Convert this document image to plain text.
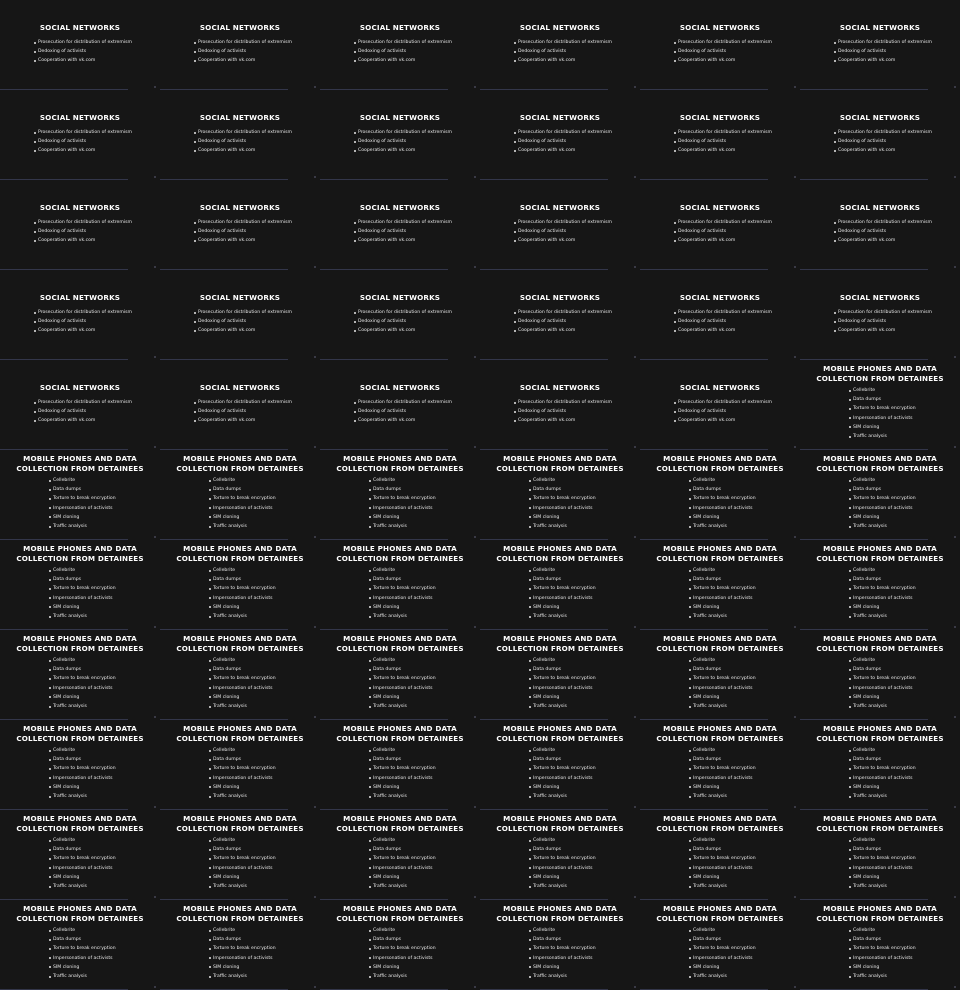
SOCIAL NETWORKS
Prosecution for distribution of extremism
Dedoxing of activists
Cooperation with vk.com
SOCIAL NETWORKS
Prosecution for distribution of extremism
Dedoxing of activists
Cooperation with vk.com
SOCIAL NETWORKS
Prosecution for distribution of extremism
Dedoxing of activists
Cooperation with vk.com
SOCIAL NETWORKS
Prosecution for distribution of extremism
Dedoxing of activists
Cooperation with vk.com
SOCIAL NETWORKS
Prosecution for distribution of extremism
Dedoxing of activists
Cooperation with vk.com
SOCIAL NETWORKS
Prosecution for distribution of extremism
Dedoxing of activists
Cooperation with vk.com
SOCIAL NETWORKS
Prosecution for distribution of extremism
Dedoxing of activists
Cooperation with vk.com
SOCIAL NETWORKS
Prosecution for distribution of extremism
Dedoxing of activists
Cooperation with vk.com
SOCIAL NETWORKS
Prosecution for distribution of extremism
Dedoxing of activists
Cooperation with vk.com
SOCIAL NETWORKS
Prosecution for distribution of extremism
Dedoxing of activists
Cooperation with vk.com
SOCIAL NETWORKS
Prosecution for distribution of extremism
Dedoxing of activists
Cooperation with vk.com
SOCIAL NETWORKS
Prosecution for distribution of extremism
Dedoxing of activists
Cooperation with vk.com
SOCIAL NETWORKS
Prosecution for distribution of extremism
Dedoxing of activists
Cooperation with vk.com
SOCIAL NETWORKS
Prosecution for distribution of extremism
Dedoxing of activists
Cooperation with vk.com
SOCIAL NETWORKS
Prosecution for distribution of extremism
Dedoxing of activists
Cooperation with vk.com
SOCIAL NETWORKS
Prosecution for distribution of extremism
Dedoxing of activists
Cooperation with vk.com
SOCIAL NETWORKS
Prosecution for distribution of extremism
Dedoxing of activists
Cooperation with vk.com
SOCIAL NETWORKS
Prosecution for distribution of extremism
Dedoxing of activists
Cooperation with vk.com
SOCIAL NETWORKS
Prosecution for distribution of extremism
Dedoxing of activists
Cooperation with vk.com
SOCIAL NETWORKS
Prosecution for distribution of extremism
Dedoxing of activists
Cooperation with vk.com
SOCIAL NETWORKS
Prosecution for distribution of extremism
Dedoxing of activists
Cooperation with vk.com
SOCIAL NETWORKS
Prosecution for distribution of extremism
Dedoxing of activists
Cooperation with vk.com
SOCIAL NETWORKS
Prosecution for distribution of extremism
Dedoxing of activists
Cooperation with vk.com
SOCIAL NETWORKS
Prosecution for distribution of extremism
Dedoxing of activists
Cooperation with vk.com
SOCIAL NETWORKS
Prosecution for distribution of extremism
Dedoxing of activists
Cooperation with vk.com
SOCIAL NETWORKS
Prosecution for distribution of extremism
Dedoxing of activists
Cooperation with vk.com
SOCIAL NETWORKS
Prosecution for distribution of extremism
Dedoxing of activists
Cooperation with vk.com
SOCIAL NETWORKS
Prosecution for distribution of extremism
Dedoxing of activists
Cooperation with vk.com
SOCIAL NETWORKS
Prosecution for distribution of extremism
Dedoxing of activists
Cooperation with vk.com
MOBILE PHONES AND DATA COLLECTION FROM DETAINEES
Cellebrite
Data dumps
Torture to break encryption
Impersonation of activists
SIM cloning
Traffic analysis
MOBILE PHONES AND DATA COLLECTION FROM DETAINEES
Cellebrite
Data dumps
Torture to break encryption
Impersonation of activists
SIM cloning
Traffic analysis
MOBILE PHONES AND DATA COLLECTION FROM DETAINEES
Cellebrite
Data dumps
Torture to break encryption
Impersonation of activists
SIM cloning
Traffic analysis
MOBILE PHONES AND DATA COLLECTION FROM DETAINEES
Cellebrite
Data dumps
Torture to break encryption
Impersonation of activists
SIM cloning
Traffic analysis
MOBILE PHONES AND DATA COLLECTION FROM DETAINEES
Cellebrite
Data dumps
Torture to break encryption
Impersonation of activists
SIM cloning
Traffic analysis
MOBILE PHONES AND DATA COLLECTION FROM DETAINEES
Cellebrite
Data dumps
Torture to break encryption
Impersonation of activists
SIM cloning
Traffic analysis
MOBILE PHONES AND DATA COLLECTION FROM DETAINEES
Cellebrite
Data dumps
Torture to break encryption
Impersonation of activists
SIM cloning
Traffic analysis
MOBILE PHONES AND DATA COLLECTION FROM DETAINEES
Cellebrite
Data dumps
Torture to break encryption
Impersonation of activists
SIM cloning
Traffic analysis
MOBILE PHONES AND DATA COLLECTION FROM DETAINEES
Cellebrite
Data dumps
Torture to break encryption
Impersonation of activists
SIM cloning
Traffic analysis
MOBILE PHONES AND DATA COLLECTION FROM DETAINEES
Cellebrite
Data dumps
Torture to break encryption
Impersonation of activists
SIM cloning
Traffic analysis
MOBILE PHONES AND DATA COLLECTION FROM DETAINEES
Cellebrite
Data dumps
Torture to break encryption
Impersonation of activists
SIM cloning
Traffic analysis
MOBILE PHONES AND DATA COLLECTION FROM DETAINEES
Cellebrite
Data dumps
Torture to break encryption
Impersonation of activists
SIM cloning
Traffic analysis
MOBILE PHONES AND DATA COLLECTION FROM DETAINEES
Cellebrite
Data dumps
Torture to break encryption
Impersonation of activists
SIM cloning
Traffic analysis
MOBILE PHONES AND DATA COLLECTION FROM DETAINEES
Cellebrite
Data dumps
Torture to break encryption
Impersonation of activists
SIM cloning
Traffic analysis
MOBILE PHONES AND DATA COLLECTION FROM DETAINEES
Cellebrite
Data dumps
Torture to break encryption
Impersonation of activists
SIM cloning
Traffic analysis
MOBILE PHONES AND DATA COLLECTION FROM DETAINEES
Cellebrite
Data dumps
Torture to break encryption
Impersonation of activists
SIM cloning
Traffic analysis
MOBILE PHONES AND DATA COLLECTION FROM DETAINEES
Cellebrite
Data dumps
Torture to break encryption
Impersonation of activists
SIM cloning
Traffic analysis
MOBILE PHONES AND DATA COLLECTION FROM DETAINEES
Cellebrite
Data dumps
Torture to break encryption
Impersonation of activists
SIM cloning
Traffic analysis
MOBILE PHONES AND DATA COLLECTION FROM DETAINEES
Cellebrite
Data dumps
Torture to break encryption
Impersonation of activists
SIM cloning
Traffic analysis
MOBILE PHONES AND DATA COLLECTION FROM DETAINEES
Cellebrite
Data dumps
Torture to break encryption
Impersonation of activists
SIM cloning
Traffic analysis
MOBILE PHONES AND DATA COLLECTION FROM DETAINEES
Cellebrite
Data dumps
Torture to break encryption
Impersonation of activists
SIM cloning
Traffic analysis
MOBILE PHONES AND DATA COLLECTION FROM DETAINEES
Cellebrite
Data dumps
Torture to break encryption
Impersonation of activists
SIM cloning
Traffic analysis
MOBILE PHONES AND DATA COLLECTION FROM DETAINEES
Cellebrite
Data dumps
Torture to break encryption
Impersonation of activists
SIM cloning
Traffic analysis
MOBILE PHONES AND DATA COLLECTION FROM DETAINEES
Cellebrite
Data dumps
Torture to break encryption
Impersonation of activists
SIM cloning
Traffic analysis
MOBILE PHONES AND DATA COLLECTION FROM DETAINEES
Cellebrite
Data dumps
Torture to break encryption
Impersonation of activists
SIM cloning
Traffic analysis
MOBILE PHONES AND DATA COLLECTION FROM DETAINEES
Cellebrite
Data dumps
Torture to break encryption
Impersonation of activists
SIM cloning
Traffic analysis
MOBILE PHONES AND DATA COLLECTION FROM DETAINEES
Cellebrite
Data dumps
Torture to break encryption
Impersonation of activists
SIM cloning
Traffic analysis
MOBILE PHONES AND DATA COLLECTION FROM DETAINEES
Cellebrite
Data dumps
Torture to break encryption
Impersonation of activists
SIM cloning
Traffic analysis
MOBILE PHONES AND DATA COLLECTION FROM DETAINEES
Cellebrite
Data dumps
Torture to break encryption
Impersonation of activists
SIM cloning
Traffic analysis
MOBILE PHONES AND DATA COLLECTION FROM DETAINEES
Cellebrite
Data dumps
Torture to break encryption
Impersonation of activists
SIM cloning
Traffic analysis
MOBILE PHONES AND DATA COLLECTION FROM DETAINEES
Cellebrite
Data dumps
Torture to break encryption
Impersonation of activists
SIM cloning
Traffic analysis
MOBILE PHONES AND DATA COLLECTION FROM DETAINEES
Cellebrite
Data dumps
Torture to break encryption
Impersonation of activists
SIM cloning
Traffic analysis
MOBILE PHONES AND DATA COLLECTION FROM DETAINEES
Cellebrite
Data dumps
Torture to break encryption
Impersonation of activists
SIM cloning
Traffic analysis
MOBILE PHONES AND DATA COLLECTION FROM DETAINEES
Cellebrite
Data dumps
Torture to break encryption
Impersonation of activists
SIM cloning
Traffic analysis
MOBILE PHONES AND DATA COLLECTION FROM DETAINEES
Cellebrite
Data dumps
Torture to break encryption
Impersonation of activists
SIM cloning
Traffic analysis
MOBILE PHONES AND DATA COLLECTION FROM DETAINEES
Cellebrite
Data dumps
Torture to break encryption
Impersonation of activists
SIM cloning
Traffic analysis
MOBILE PHONES AND DATA COLLECTION FROM DETAINEES
Cellebrite
Data dumps
Torture to break encryption
Impersonation of activists
SIM cloning
Traffic analysis
